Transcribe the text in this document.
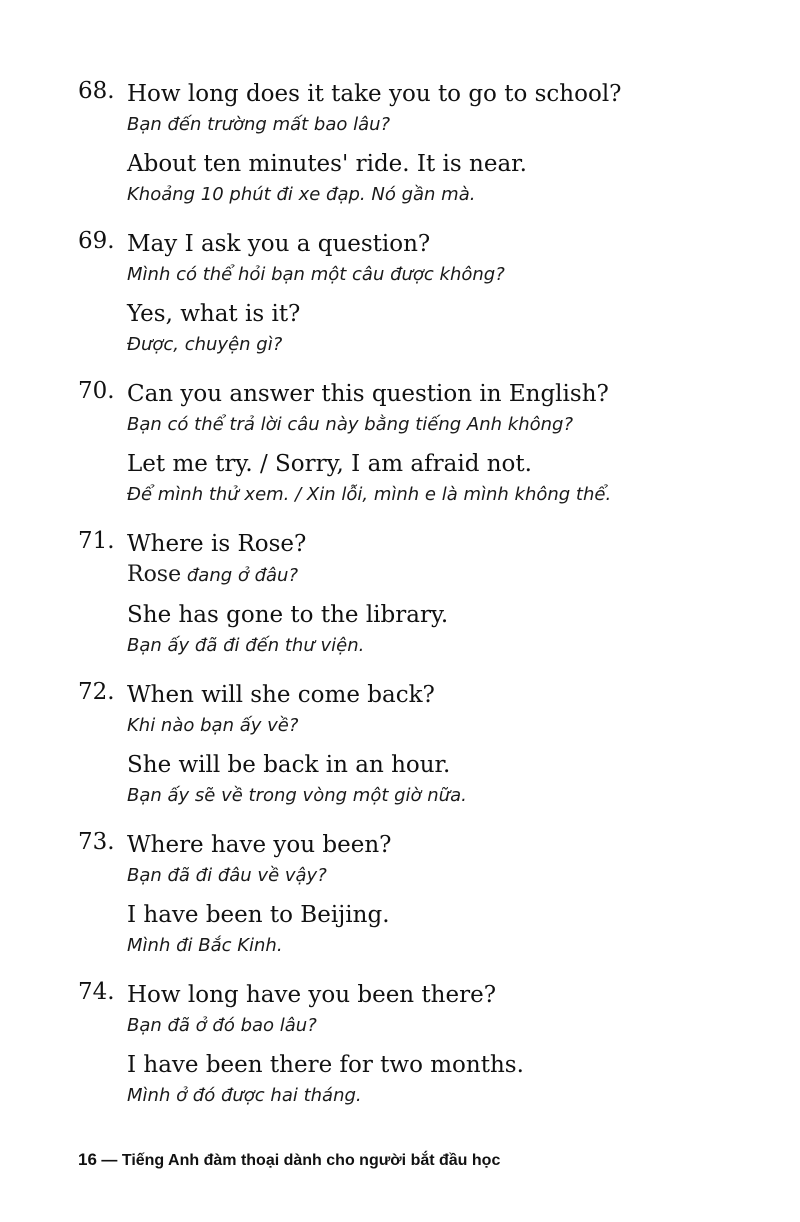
68. How long does it take you to go to school?
Bạn đến trường mất bao lâu?
About ten minutes' ride. It is near.
Khoảng 10 phút đi xe đạp. Nó gần mà.
69. May I ask you a question?
Mình có thể hỏi bạn một câu được không?
Yes, what is it?
Được, chuyện gì?
70. Can you answer this question in English?
Bạn có thể trả lời câu này bằng tiếng Anh không?
Let me try. / Sorry, I am afraid not.
Để mình thử xem. / Xin lỗi, mình e là mình không thể.
71. Where is Rose?
Rose đang ở đâu?
She has gone to the library.
Bạn ấy đã đi đến thư viện.
72. When will she come back?
Khi nào bạn ấy về?
She will be back in an hour.
Bạn ấy sẽ về trong vòng một giờ nữa.
73. Where have you been?
Bạn đã đi đâu về vậy?
I have been to Beijing.
Mình đi Bắc Kinh.
74. How long have you been there?
Bạn đã ở đó bao lâu?
I have been there for two months.
Mình ở đó được hai tháng.
16 — Tiếng Anh đàm thoại dành cho người bắt đầu học
